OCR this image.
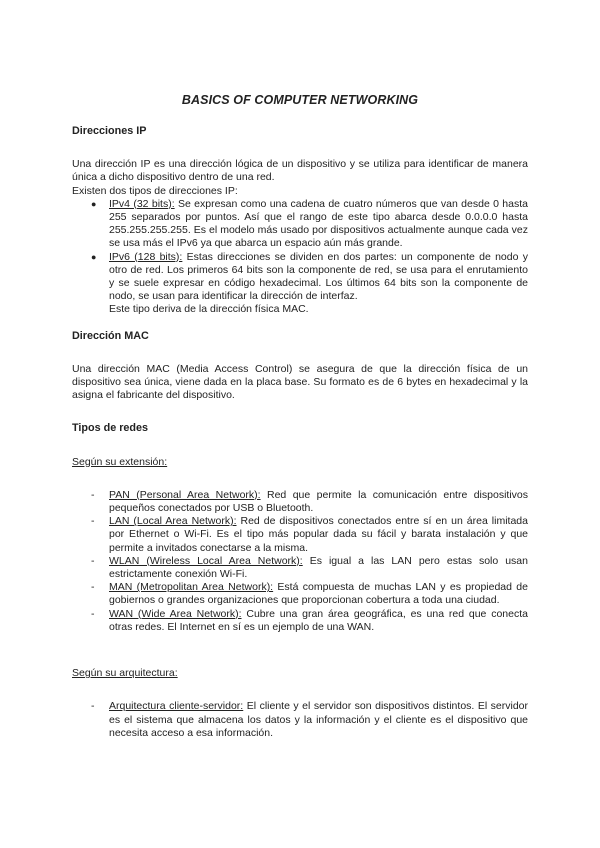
BASICS OF COMPUTER NETWORKING
Direcciones IP

Una dirección IP es una dirección lógica de un dispositivo y se utiliza para identificar de manera única a dicho dispositivo dentro de una red.

Existen dos tipos de direcciones IP:

● IPv4 (32 bits): Se expresan como una cadena de cuatro números que van desde 0 hasta 255 separados por puntos. Así que el rango de este tipo abarca desde 0.0.0.0 hasta 255.255.255.255. Es el modelo más usado por dispositivos actualmente aunque cada vez se usa más el IPv6 ya que abarca un espacio aún más grande.
● IPv6 (128 bits): Estas direcciones se dividen en dos partes: un componente de nodo y otro de red. Los primeros 64 bits son la componente de red, se usa para el enrutamiento y se suele expresar en código hexadecimal. Los últimos 64 bits son la componente de nodo, se usan para identificar la dirección de interfaz.
Este tipo deriva de la dirección física MAC.
Dirección MAC

Una dirección MAC (Media Access Control) se asegura de que la dirección física de un dispositivo sea única, viene dada en la placa base. Su formato es de 6 bytes en hexadecimal y la asigna el fabricante del dispositivo.

Tipos de redes

Según su extensión:

- PAN (Personal Area Network): Red que permite la comunicación entre dispositivos pequeños conectados por USB o Bluetooth.
- LAN (Local Area Network): Red de dispositivos conectados entre sí en un área limitada por Ethernet o Wi-Fi. Es el tipo más popular dada su fácil y barata instalación y que permite a invitados conectarse a la misma.
- WLAN (Wireless Local Area Network): Es igual a las LAN pero estas solo usan estrictamente conexión Wi-Fi.
- MAN (Metropolitan Area Network): Está compuesta de muchas LAN y es propiedad de gobiernos o grandes organizaciones que proporcionan cobertura a toda una ciudad.
- WAN (Wide Area Network): Cubre una gran área geográfica, es una red que conecta otras redes. El Internet en sí es un ejemplo de una WAN.

Según su arquitectura:

- Arquitectura cliente-servidor: El cliente y el servidor son dispositivos distintos. El servidor es el sistema que almacena los datos y la información y el cliente es el dispositivo que necesita acceso a esa información.
